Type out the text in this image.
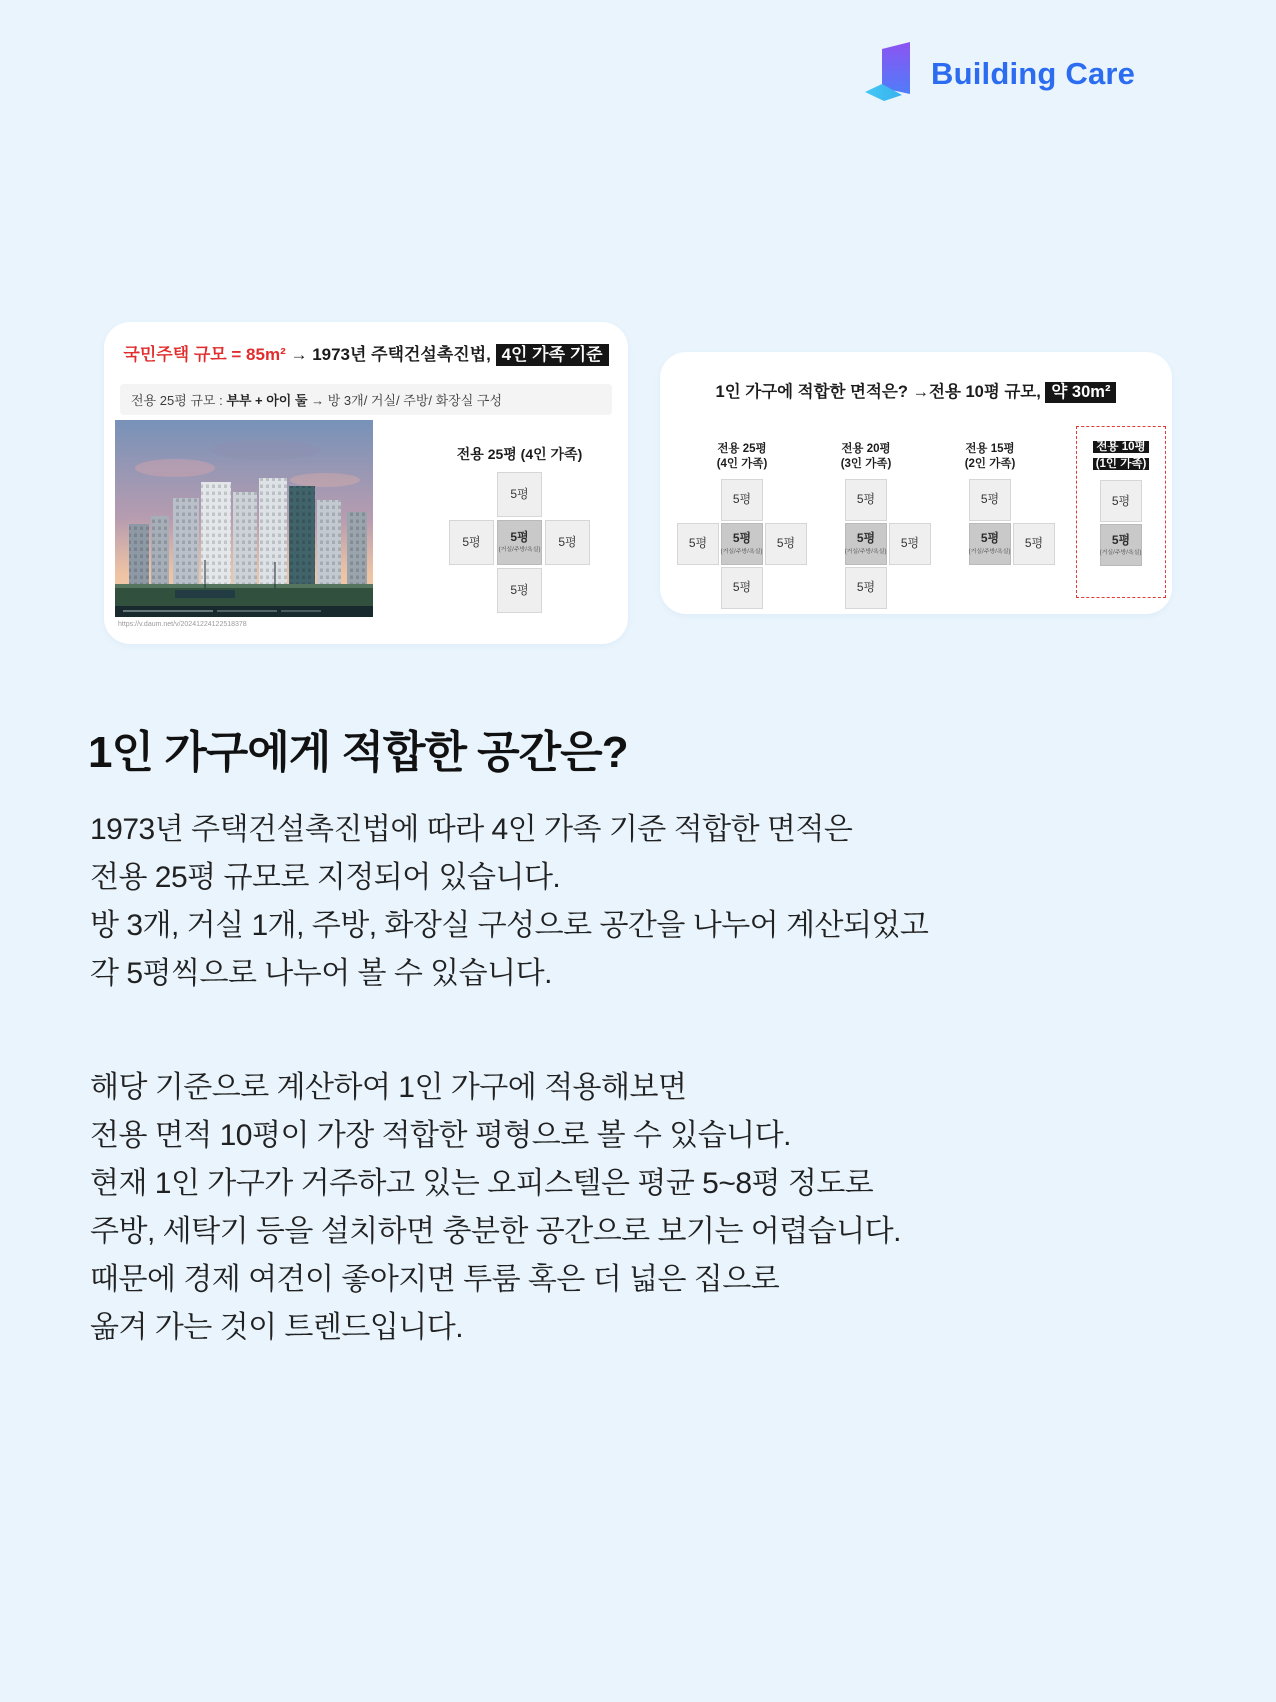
Building Care
국민주택 규모 = 85m² → 1973년 주택건설촉진법, 4인 가족 기준
전용 25평 규모 : 부부 + 아이 둘 → 방 3개/ 거실/ 주방/ 화장실 구성
https://v.daum.net/v/20241224122518378
전용 25평 (4인 가족)
5평
5평 5평
(거실/주방/욕실)
5평
5평
1인 가구에 적합한 면적은? →전용 10평 규모, 약 30m²
전용 25평
(4인 가족)
5평
5평 5평
(거실/주방/욕실)
5평
5평
전용 20평
(3인 가족)
5평
5평
(거실/주방/욕실)
5평
5평
전용 15평
(2인 가족)
5평
5평
(거실/주방/욕실)
5평
전용 10평
(1인 가족)
5평
5평
(거실/주방/욕실)
1인 가구에게 적합한 공간은?
1973년 주택건설촉진법에 따라 4인 가족 기준 적합한 면적은
전용 25평 규모로 지정되어 있습니다.
방 3개, 거실 1개, 주방, 화장실 구성으로 공간을 나누어 계산되었고
각 5평씩으로 나누어 볼 수 있습니다.
해당 기준으로 계산하여 1인 가구에 적용해보면
전용 면적 10평이 가장 적합한 평형으로 볼 수 있습니다.
현재 1인 가구가 거주하고 있는 오피스텔은 평균 5~8평 정도로
주방, 세탁기 등을 설치하면 충분한 공간으로 보기는 어렵습니다.
때문에 경제 여견이 좋아지면 투룸 혹은 더 넓은 집으로
옮겨 가는 것이 트렌드입니다.
